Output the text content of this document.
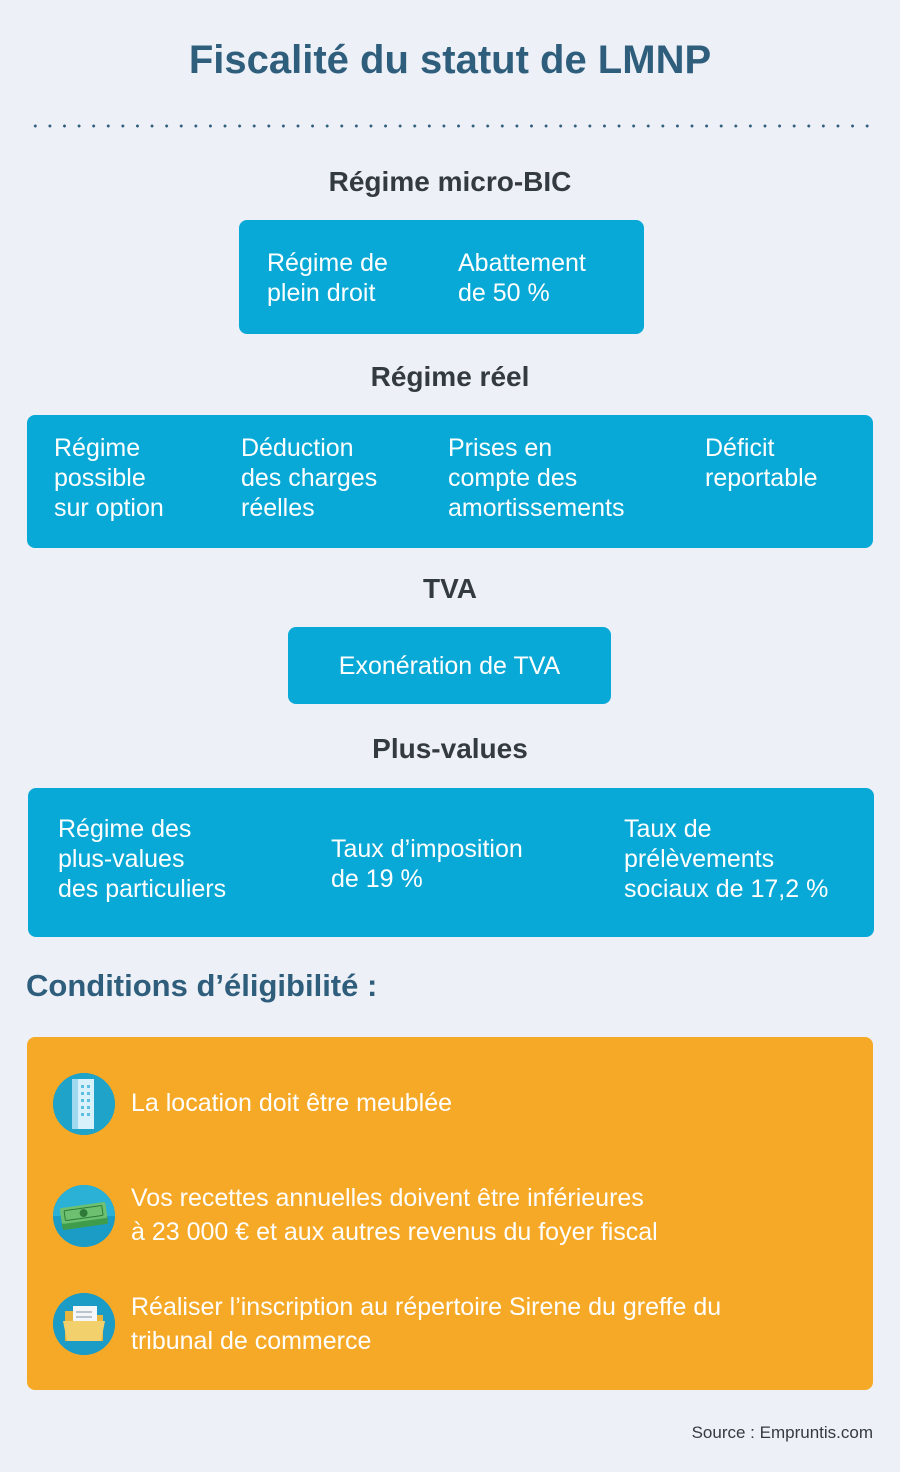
Fiscalité du statut de LMNP
Régime micro-BIC
Régime de
plein droit
Abattement
de 50 %
Régime réel
Régime
possible
sur option
Déduction
des charges
réelles
Prises en
compte des
amortissements
Déficit
reportable
TVA
Exonération de TVA
Plus-values
Régime des
plus-values
des particuliers
Taux d’imposition
de 19 %
Taux de
prélèvements
sociaux de 17,2 %
Conditions d’éligibilité :
La location doit être meublée
Vos recettes annuelles doivent être inférieures
à 23 000 € et aux autres revenus du foyer fiscal
Réaliser l’inscription au répertoire Sirene du greffe du
tribunal de commerce
Source : Empruntis.com
